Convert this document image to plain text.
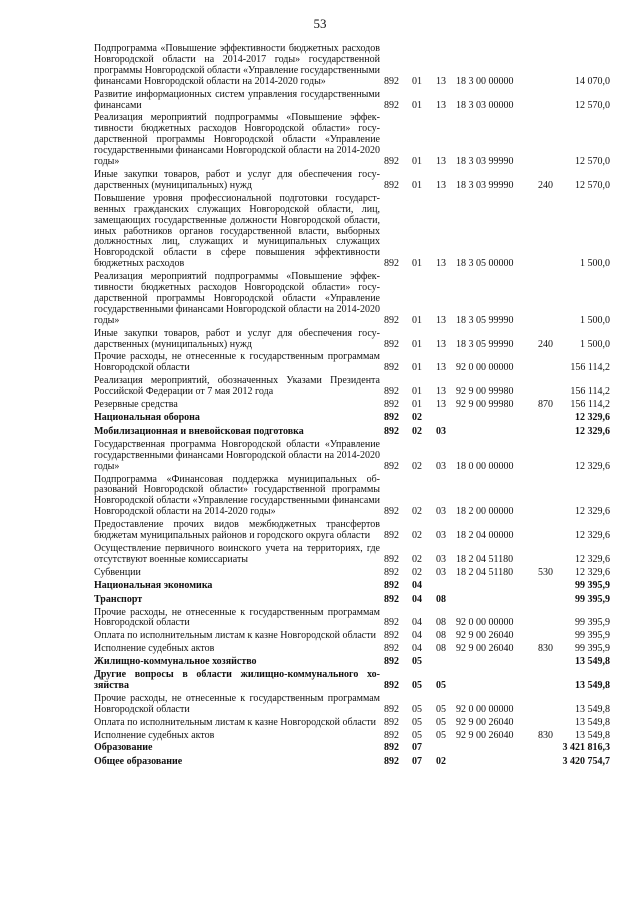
53
Подпрограмма «Повышение эффективности бюджетных расходов Новгородской области на 2014-2017 годы» государственной программы Новгородской области «Управление государственными финансами Новгородской области на 2014-2020 годы»	892	01	13	18 3 00 00000	14 070,0
Развитие информационных систем управления государственными финансами	892	01	13	18 3 03 00000	12 570,0
Реализация мероприятий подпрограммы «Повышение эффективности бюджетных расходов Новгородской области» государственной программы Новгородской области «Управление государственными финансами Новгородской области на 2014-2020 годы»	892	01	13	18 3 03 99990	12 570,0
Иные закупки товаров, работ и услуг для обеспечения государственных (муниципальных) нужд	892	01	13	18 3 03 99990	240	12 570,0
Повышение уровня профессиональной подготовки государственных гражданских служащих Новгородской области, лиц, замещающих государственные должности Новгородской области, иных работников органов государственной власти, выборных должностных лиц, служащих и муниципальных служащих Новгородской области в сфере повышения эффективности бюджетных расходов	892	01	13	18 3 05 00000	1 500,0
Реализация мероприятий подпрограммы «Повышение эффективности бюджетных расходов Новгородской области» государственной программы Новгородской области «Управление государственными финансами Новгородской области на 2014-2020 годы»	892	01	13	18 3 05 99990	1 500,0
Иные закупки товаров, работ и услуг для обеспечения государственных (муниципальных) нужд	892	01	13	18 3 05 99990	240	1 500,0
Прочие расходы, не отнесенные к государственным программам Новгородской области	892	01	13	92 0 00 00000	156 114,2
Реализация мероприятий, обозначенных Указами Президента Российской Федерации от 7 мая 2012 года	892	01	13	92 9 00 99980	156 114,2
Резервные средства	892	01	13	92 9 00 99980	870	156 114,2
Национальная оборона	892	02	12 329,6
Мобилизационная и вневойсковая подготовка	892	02	03	12 329,6
Государственная программа Новгородской области «Управление государственными финансами Новгородской области на 2014-2020 годы»	892	02	03	18 0 00 00000	12 329,6
Подпрограмма «Финансовая поддержка муниципальных образований Новгородской области» государственной программы Новгородской области «Управление государственными финансами Новгородской области на 2014-2020 годы»	892	02	03	18 2 00 00000	12 329,6
Предоставление прочих видов межбюджетных трансфертов бюджетам муниципальных районов и городского округа области	892	02	03	18 2 04 00000	12 329,6
Осуществление первичного воинского учета на территориях, где отсутствуют военные комиссариаты	892	02	03	18 2 04 51180	12 329,6
Субвенции	892	02	03	18 2 04 51180	530	12 329,6
Национальная экономика	892	04	99 395,9
Транспорт	892	04	08	99 395,9
Прочие расходы, не отнесенные к государственным программам Новгородской области	892	04	08	92 0 00 00000	99 395,9
Оплата по исполнительным листам к казне Новгородской области 892	04	08	92 9 00 26040	99 395,9
Исполнение судебных актов	892	04	08	92 9 00 26040	830	99 395,9
Жилищно-коммунальное хозяйство	892	05	13 549,8
Другие вопросы в области жилищно-коммунального хозяйства	892	05	05	13 549,8
Прочие расходы, не отнесенные к государственным программам Новгородской области	892	05	05	92 0 00 00000	13 549,8
Оплата по исполнительным листам к казне Новгородской области 892	05	05	92 9 00 26040	13 549,8
Исполнение судебных актов	892	05	05	92 9 00 26040	830	13 549,8
Образование	892	07	3 421 816,3
Общее образование	892	07	02	3 420 754,7
